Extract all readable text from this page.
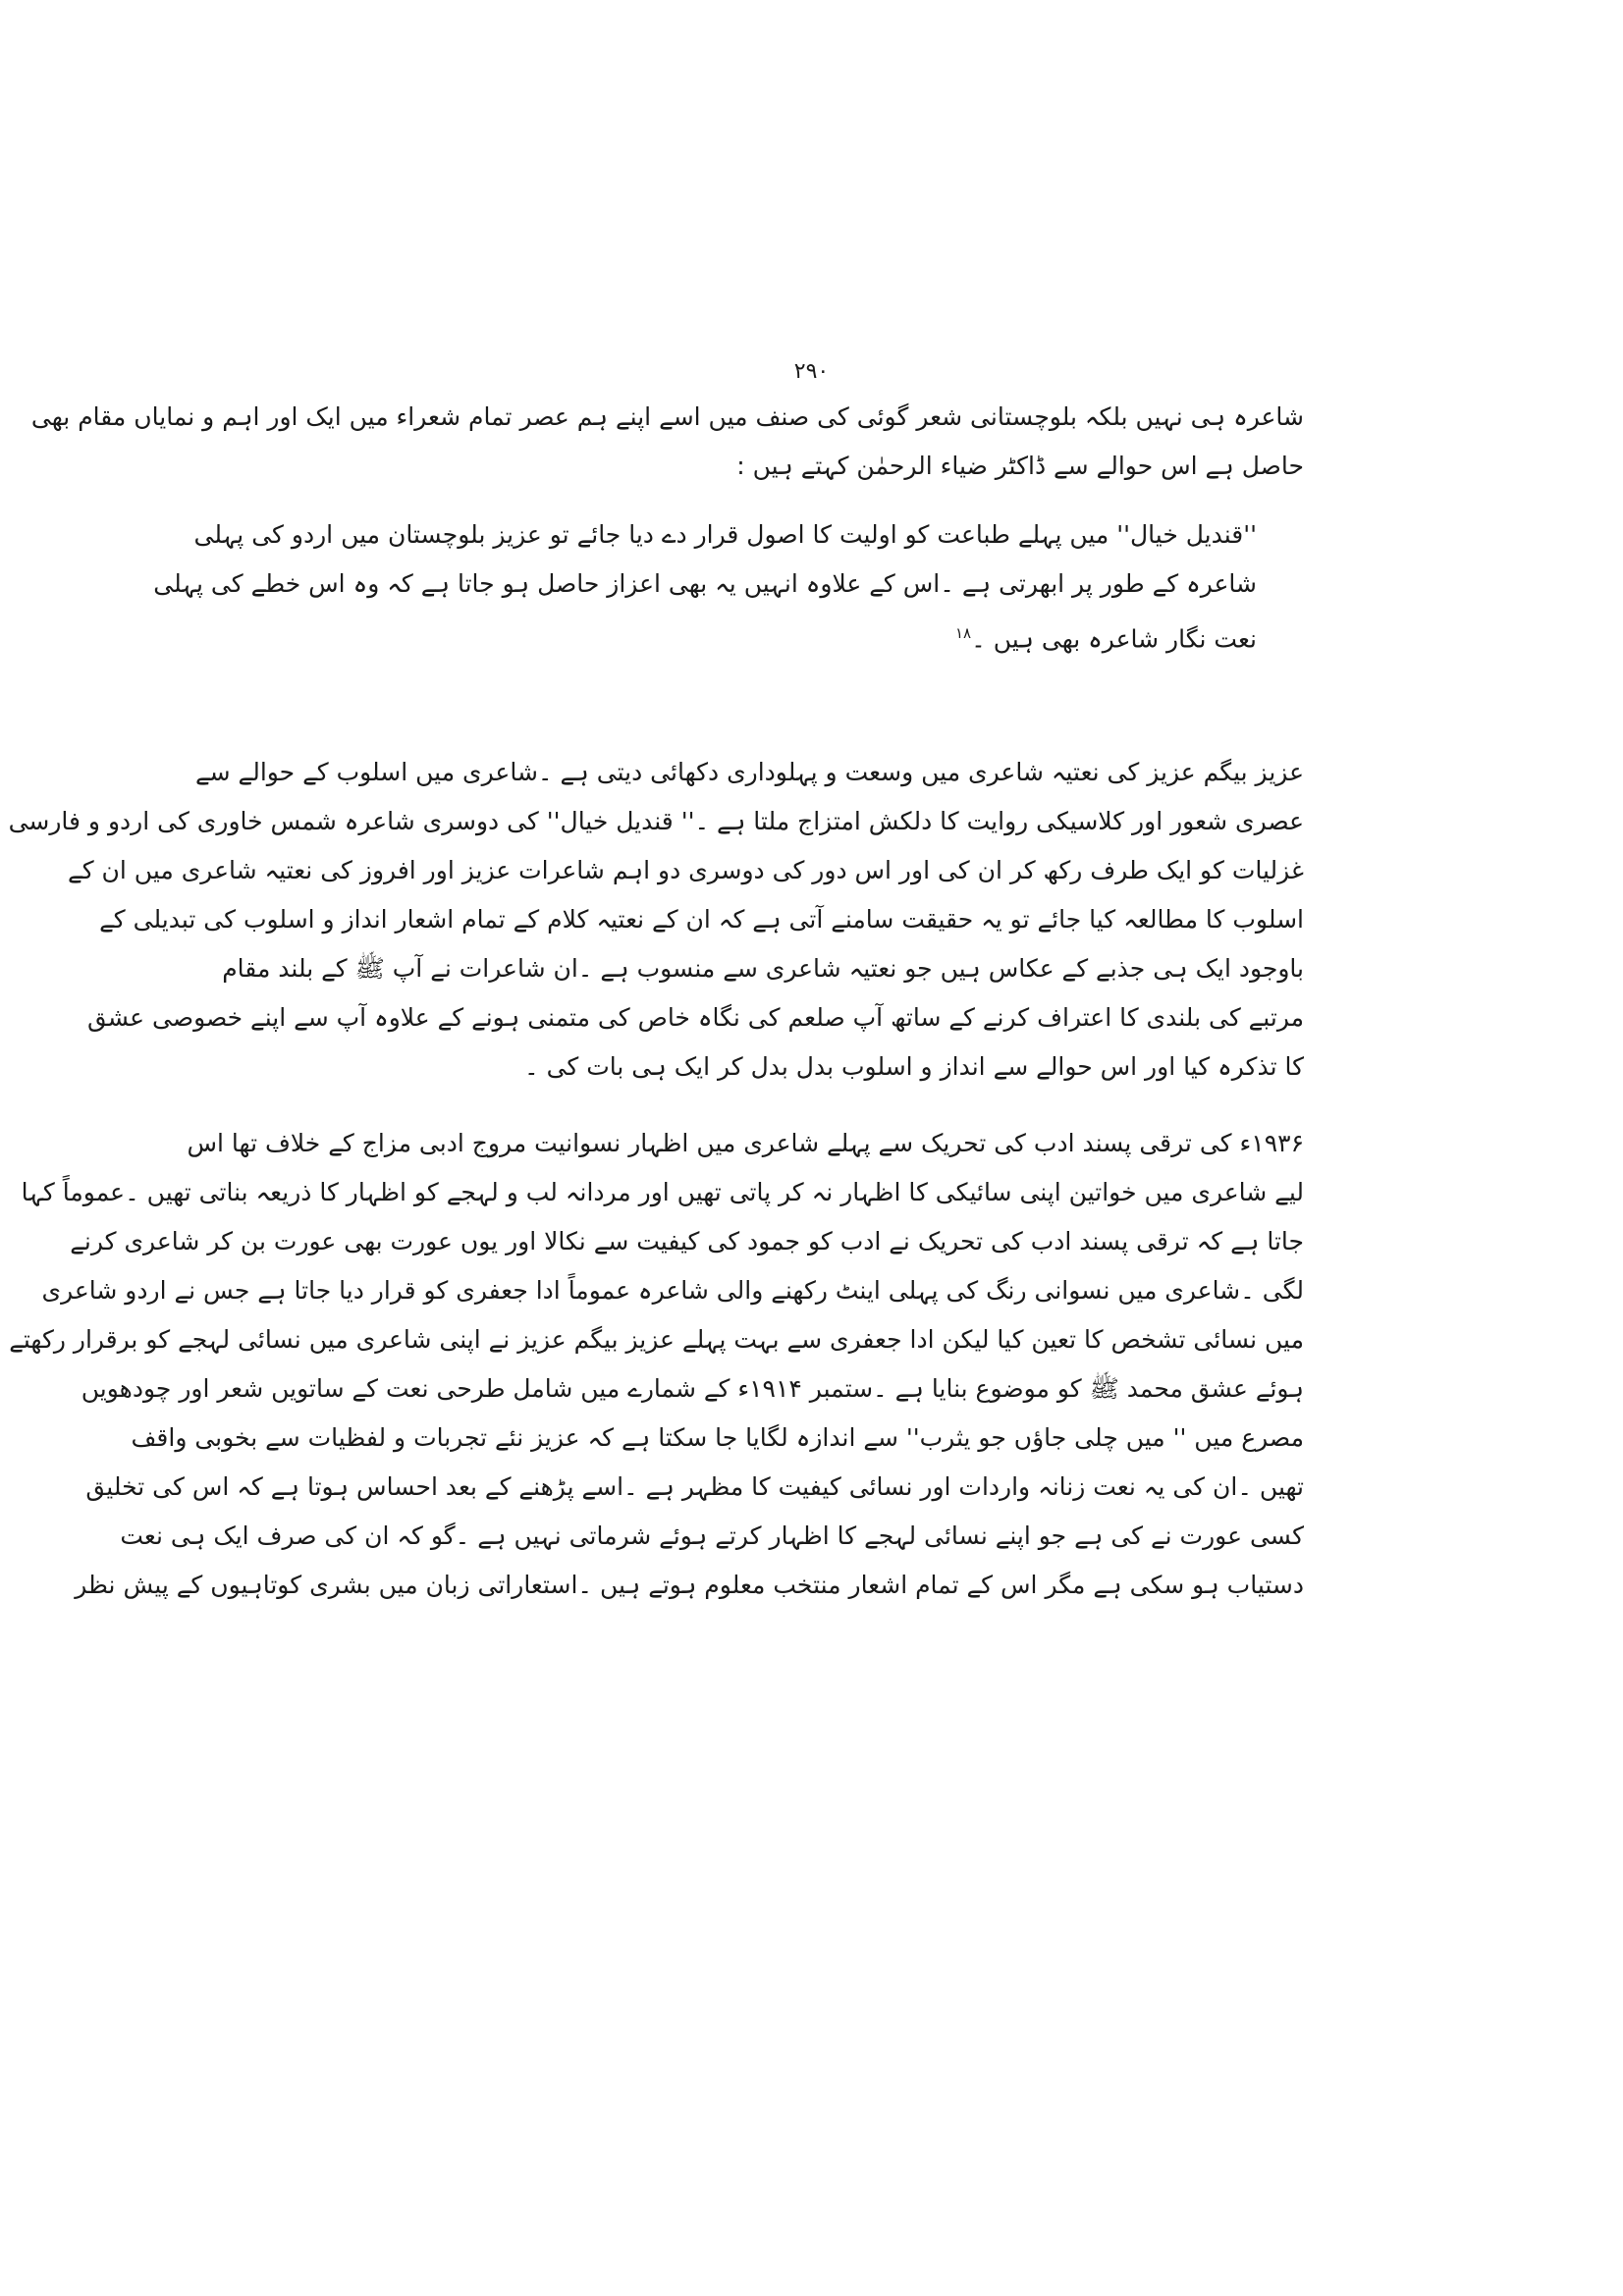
۲۹۰
شاعرہ ہی نہیں بلکہ بلوچستانی شعر گوئی کی صنف میں اسے اپنے ہم عصر تمام شعراء میں ایک اور اہم و نمایاں مقام بھی
حاصل ہے اس حوالے سے ڈاکٹر ضیاء الرحمٰن کہتے ہیں :
''قندیل خیال'' میں پہلے طباعت کو اولیت کا اصول قرار دے دیا جائے تو عزیز بلوچستان میں اردو کی پہلی
شاعرہ کے طور پر ابھرتی ہے ۔اس کے علاوہ انہیں یہ بھی اعزاز حاصل ہو جاتا ہے کہ وہ اس خطے کی پہلی
نعت نگار شاعرہ بھی ہیں ۔$^{۱۸}$
عزیز بیگم عزیز کی نعتیہ شاعری میں وسعت و پہلوداری دکھائی دیتی ہے ۔شاعری میں اسلوب کے حوالے سے
عصری شعور اور کلاسیکی روایت کا دلکش امتزاج ملتا ہے ۔'' قندیل خیال'' کی دوسری شاعرہ شمس خاوری کی اردو و فارسی
غزلیات کو ایک طرف رکھ کر ان کی اور اس دور کی دوسری دو اہم شاعرات عزیز اور افروز کی نعتیہ شاعری میں ان کے
اسلوب کا مطالعہ کیا جائے تو یہ حقیقت سامنے آتی ہے کہ ان کے نعتیہ کلام کے تمام اشعار انداز و اسلوب کی تبدیلی کے
باوجود ایک ہی جذبے کے عکاس ہیں جو نعتیہ شاعری سے منسوب ہے ۔ان شاعرات نے آپ ﷺ کے بلند مقام
مرتبے کی بلندی کا اعتراف کرنے کے ساتھ آپ صلعم کی نگاہ خاص کی متمنی ہونے کے علاوہ آپ سے اپنے خصوصی عشق
کا تذکرہ کیا اور اس حوالے سے انداز و اسلوب بدل بدل کر ایک ہی بات کی ۔
۱۹۳۶ء کی ترقی پسند ادب کی تحریک سے پہلے شاعری میں اظہار نسوانیت مروج ادبی مزاج کے خلاف تھا اس
لیے شاعری میں خواتین اپنی سائیکی کا اظہار نہ کر پاتی تھیں اور مردانہ لب و لہجے کو اظہار کا ذریعہ بناتی تھیں ۔عموماً کہا
جاتا ہے کہ ترقی پسند ادب کی تحریک نے ادب کو جمود کی کیفیت سے نکالا اور یوں عورت بھی عورت بن کر شاعری کرنے
لگی ۔شاعری میں نسوانی رنگ کی پہلی اینٹ رکھنے والی شاعرہ عموماً ادا جعفری کو قرار دیا جاتا ہے جس نے اردو شاعری
میں نسائی تشخص کا تعین کیا لیکن ادا جعفری سے بہت پہلے عزیز بیگم عزیز نے اپنی شاعری میں نسائی لہجے کو برقرار رکھتے
ہوئے عشق محمد ﷺ کو موضوع بنایا ہے ۔ستمبر ۱۹۱۴ء کے شمارے میں شامل طرحی نعت کے ساتویں شعر اور چودھویں
مصرع میں '' میں چلی جاؤں جو یثرب'' سے اندازہ لگایا جا سکتا ہے کہ عزیز نئے تجربات و لفظیات سے بخوبی واقف
تھیں ۔ان کی یہ نعت زنانہ واردات اور نسائی کیفیت کا مظہر ہے ۔اسے پڑھنے کے بعد احساس ہوتا ہے کہ اس کی تخلیق
کسی عورت نے کی ہے جو اپنے نسائی لہجے کا اظہار کرتے ہوئے شرماتی نہیں ہے ۔گو کہ ان کی صرف ایک ہی نعت
دستیاب ہو سکی ہے مگر اس کے تمام اشعار منتخب معلوم ہوتے ہیں ۔استعاراتی زبان میں بشری کوتاہیوں کے پیش نظر
